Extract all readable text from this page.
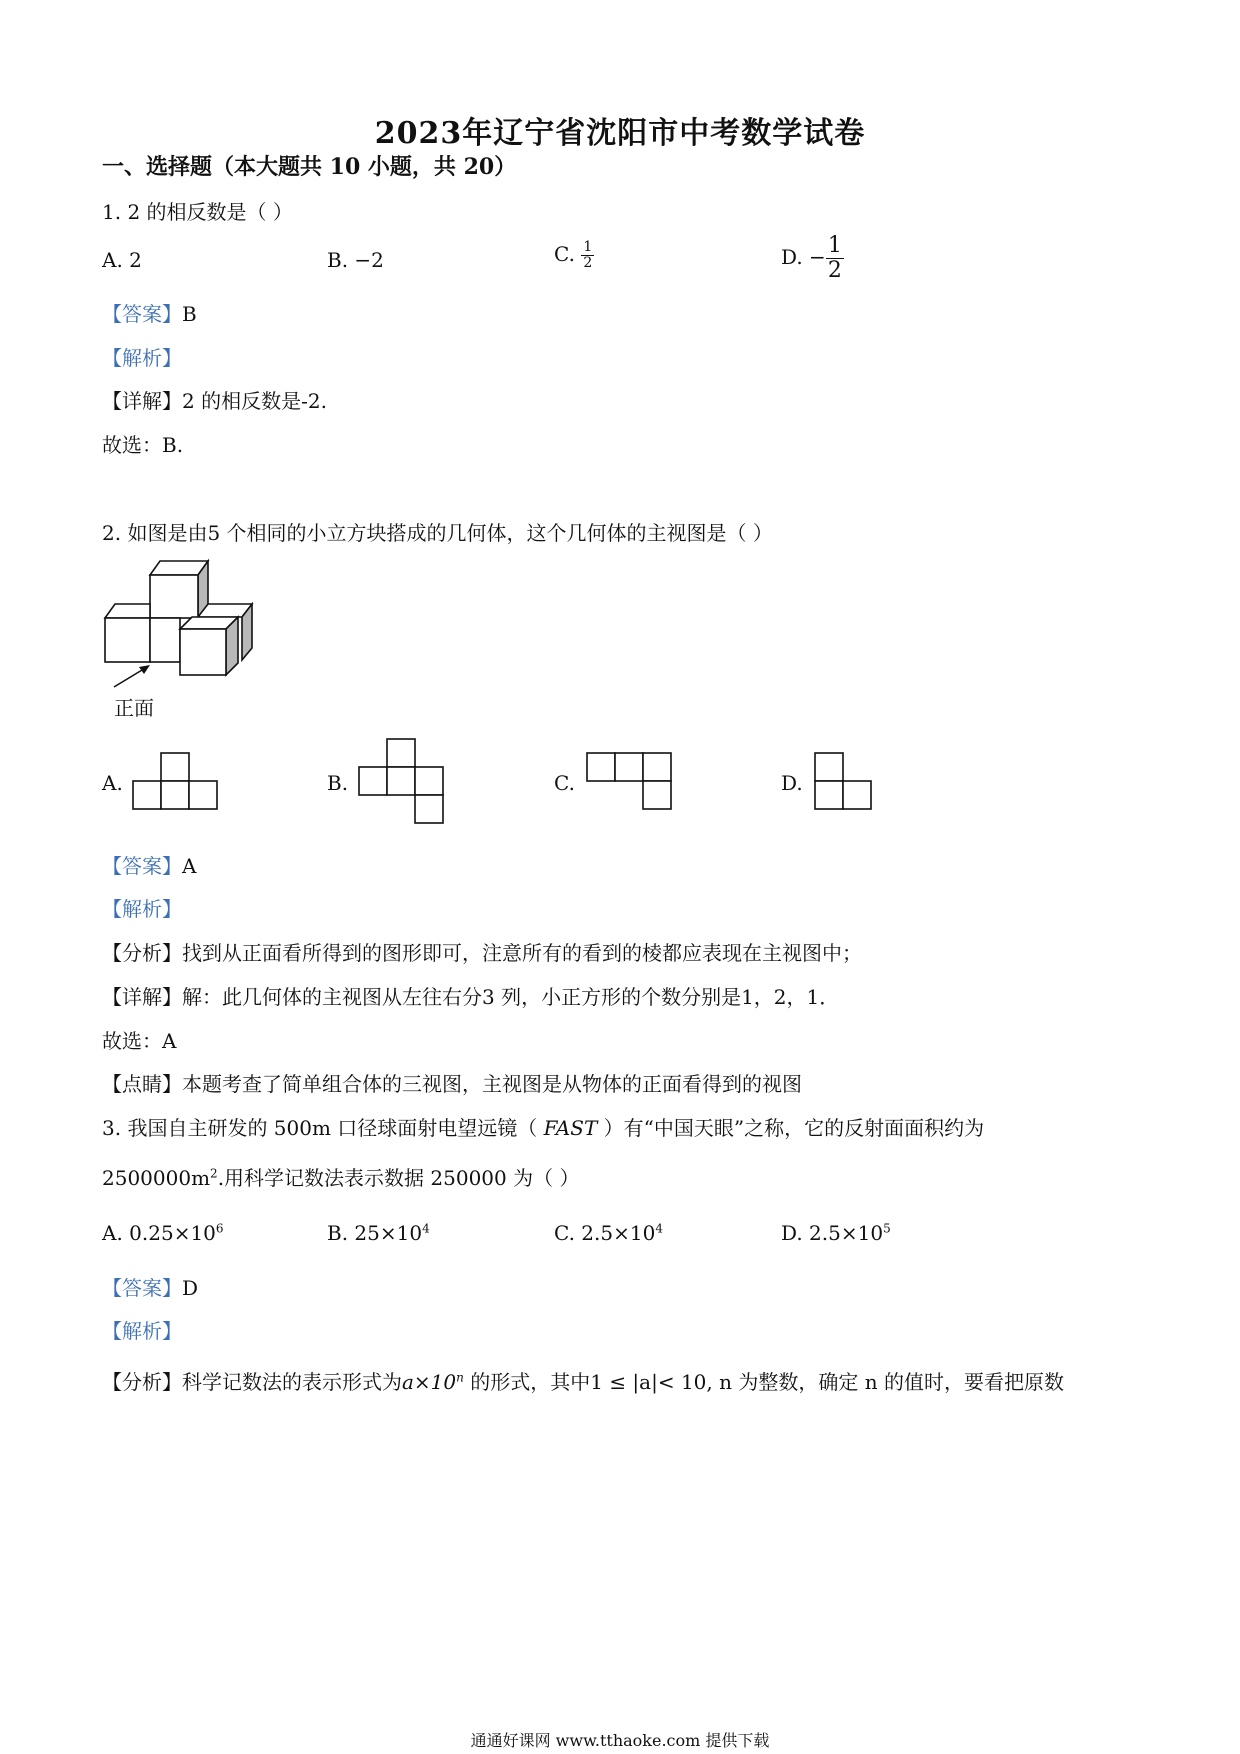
2023年辽宁省沈阳市中考数学试卷
一、选择题（本大题共 10 小题，共 20）
1. 2 的相反数是（ ）
A. 2	B. −2	C. $\frac{1}{2}$	D. − $\frac{1}{2}$
【答案】B
【解析】
【详解】2 的相反数是-2.
故选：B.
2. 如图是由5 个相同的小立方块搭成的几何体，这个几何体的主视图是（ ）
正面
A.	B.	C.	D.
【答案】A
【解析】
【分析】找到从正面看所得到的图形即可，注意所有的看到的棱都应表现在主视图中；
【详解】解：此几何体的主视图从左往右分3 列，小正方形的个数分别是1，2，1．
故选：A
【点睛】本题考查了简单组合体的三视图，主视图是从物体的正面看得到的视图
3. 我国自主研发的 500m 口径球面射电望远镜（ FAST ）有“中国天眼”之称，它的反射面面积约为
$2500000m^2$.用科学记数法表示数据 250000 为（ ）
A. $0.25\times 10^6$	B. $25\times 10^4$	C. $2.5\times 10^4$	D. $2.5\times 10^5$
【答案】D
【解析】
【分析】科学记数法的表示形式为$a\times 10^n$ 的形式，其中1 ≤ |a|< 10, n 为整数，确定 n 的值时，要看把原数
通通好课网 www.tthaoke.com 提供下载
